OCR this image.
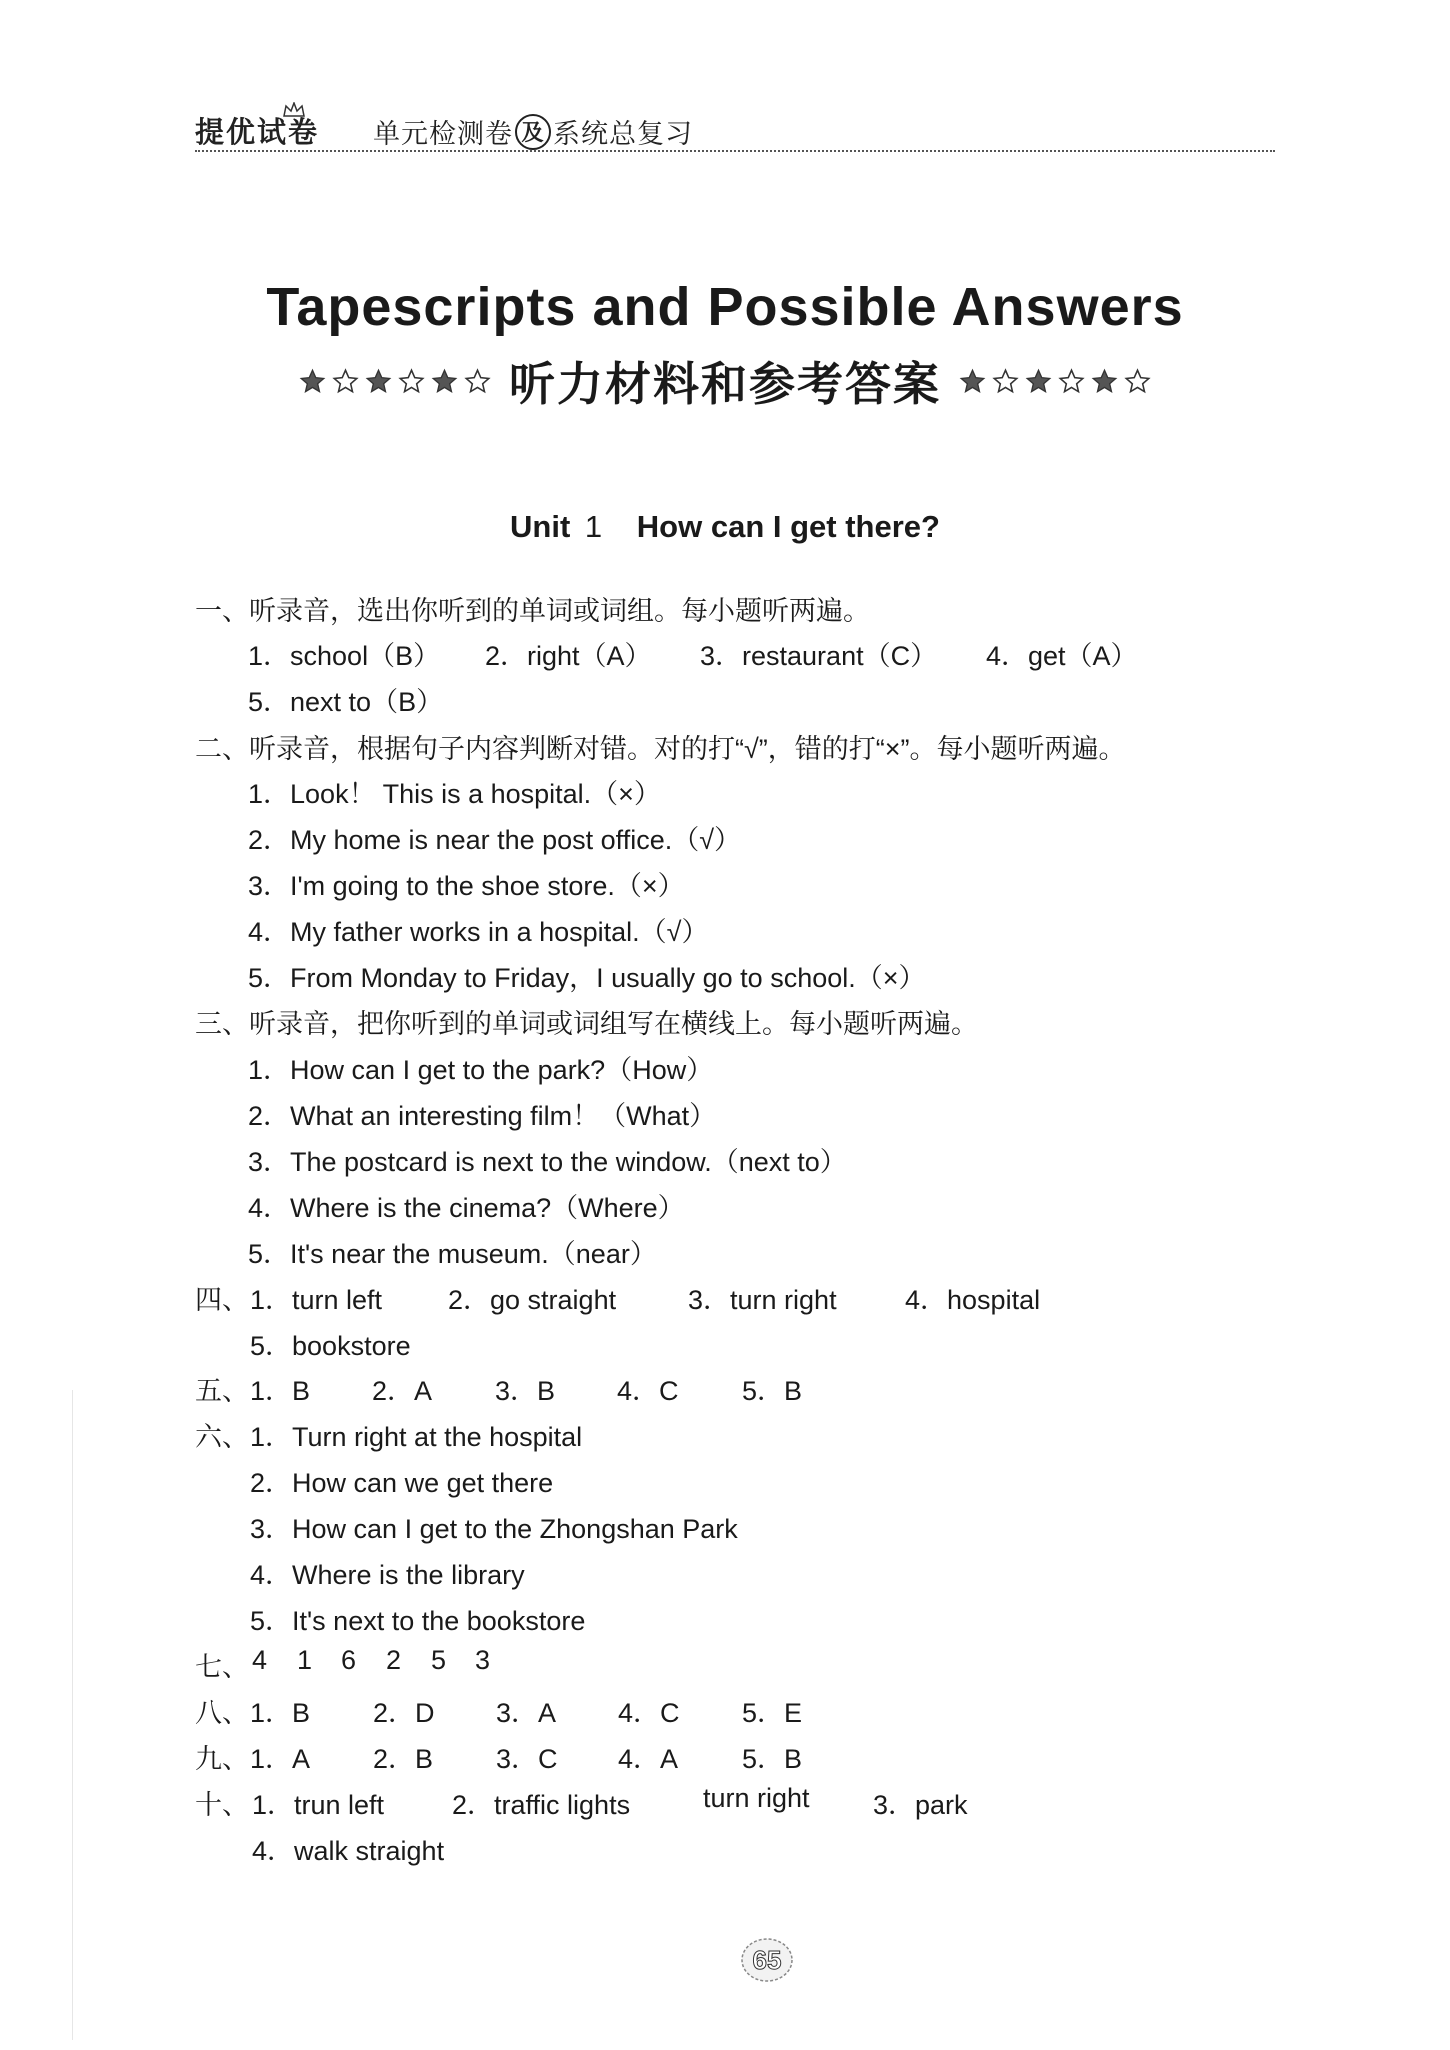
提优试卷 单元检测卷 及 系统总复习
Tapescripts and Possible Answers
听力材料和参考答案
Unit 1 How can I get there?
一、听录音，选出你听到的单词或词组。每小题听两遍。
1．school（B） 2．right（A） 3．restaurant（C） 4．get（A）
5．next to（B）
二、听录音，根据句子内容判断对错。对的打“√”，错的打“×”。每小题听两遍。
1．Look！ This is a hospital.（×）
2．My home is near the post office.（√）
3．I'm going to the shoe store.（×）
4．My father works in a hospital.（√）
5．From Monday to Friday，I usually go to school.（×）
三、听录音，把你听到的单词或词组写在横线上。每小题听两遍。
1．How can I get to the park?（How）
2．What an interesting film！（What）
3．The postcard is next to the window.（next to）
4．Where is the cinema?（Where）
5．It's near the museum.（near）
四、 1．turn left 2．go straight	3．turn right	4．hospital
5．bookstore
五、 1．B 2．A 3．B 4．C 5．B
六、 1．Turn right at the hospital
2．How can we get there
3．How can I get to the Zhongshan Park
4．Where is the library
5．It's next to the bookstore
七、 4 1 6 2 5 3
八、 1．B 2．D 3．A 4．C 5．E
九、 1．A 2．B 3．C 4．A 5．B
十、 1．trun left	2．traffic lights	turn right 3．park
4．walk straight
65
